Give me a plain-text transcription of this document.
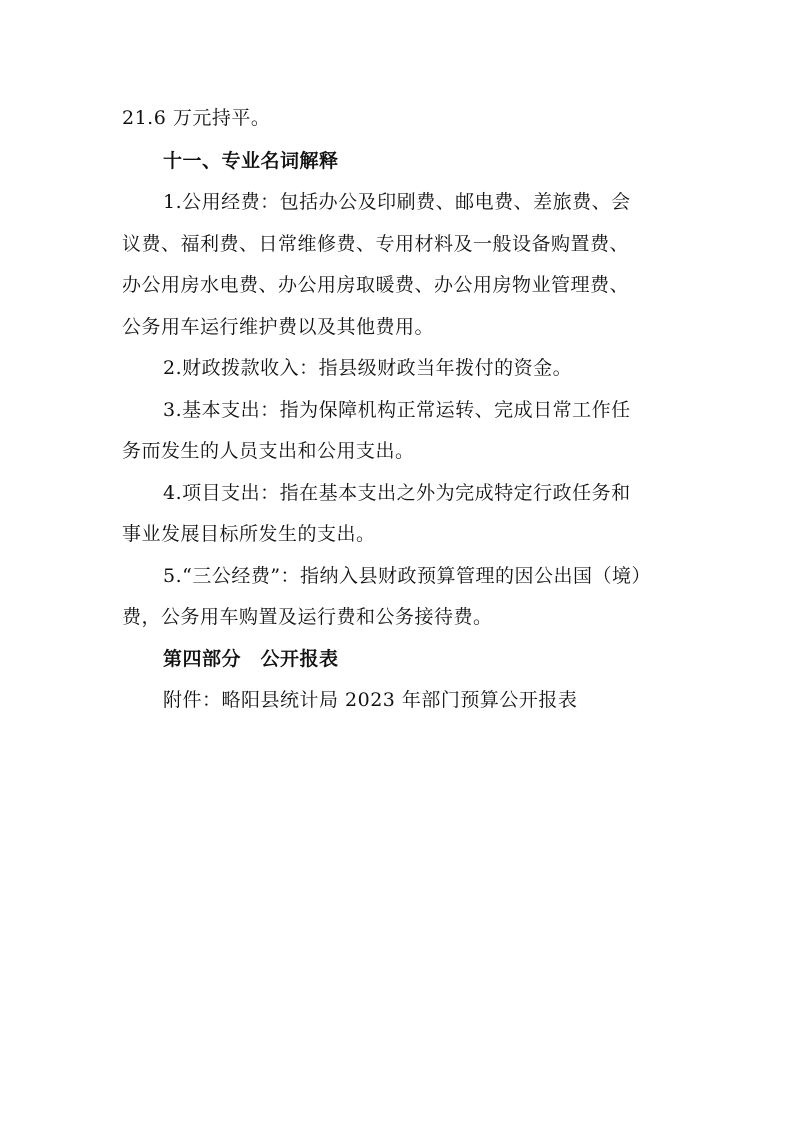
21.6 万元持平。
十一、专业名词解释
1.公用经费：包括办公及印刷费、邮电费、差旅费、会
议费、福利费、日常维修费、专用材料及一般设备购置费、
办公用房水电费、办公用房取暖费、办公用房物业管理费、
公务用车运行维护费以及其他费用。
2.财政拨款收入：指县级财政当年拨付的资金。
3.基本支出：指为保障机构正常运转、完成日常工作任
务而发生的人员支出和公用支出。
4.项目支出：指在基本支出之外为完成特定行政任务和
事业发展目标所发生的支出。
5.“三公经费”：指纳入县财政预算管理的因公出国（境）
费，公务用车购置及运行费和公务接待费。
第四部分　公开报表
附件：略阳县统计局 2023 年部门预算公开报表
